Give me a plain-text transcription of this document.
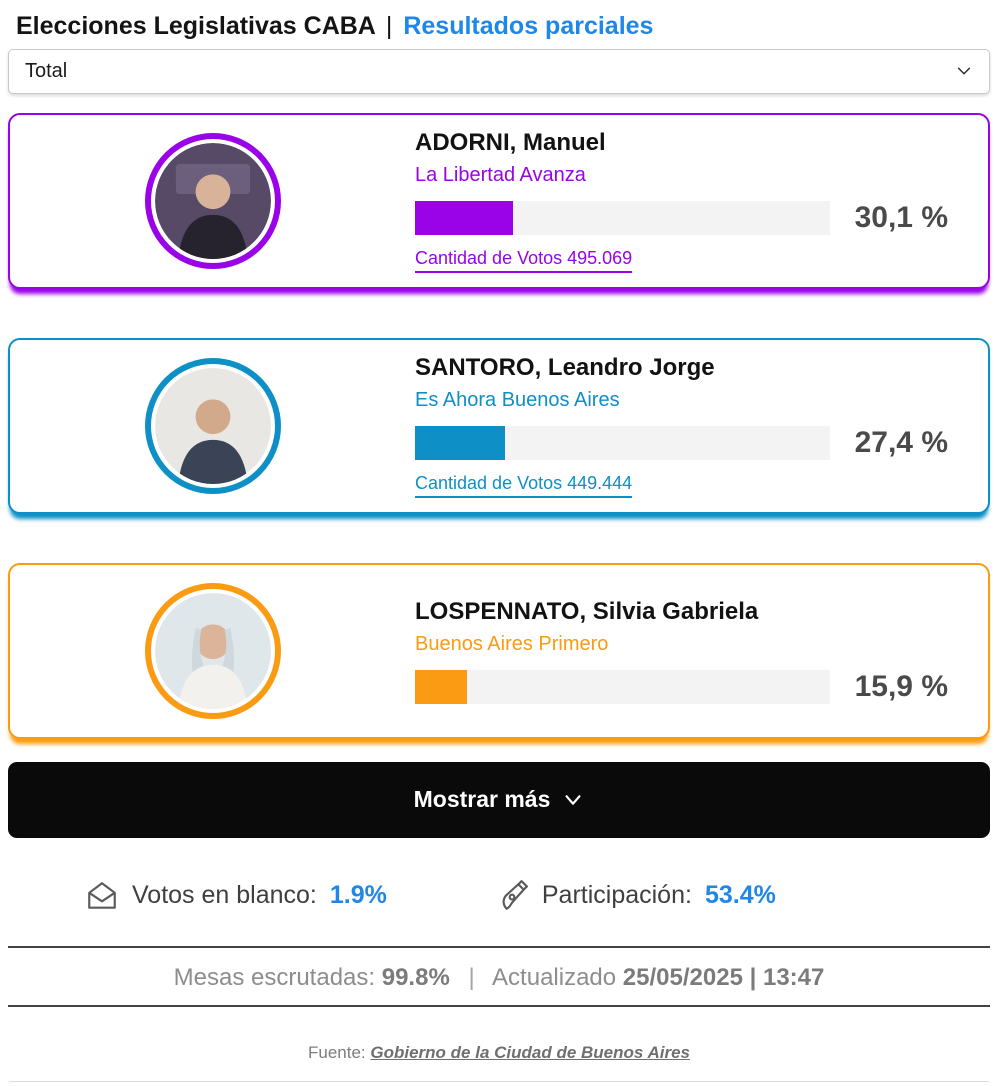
Elecciones Legislativas CABA | Resultados parciales
Total
ADORNI, Manuel
La Libertad Avanza
30,1 %
Cantidad de Votos 495.069
SANTORO, Leandro Jorge
Es Ahora Buenos Aires
27,4 %
Cantidad de Votos 449.444
LOSPENNATO, Silvia Gabriela
Buenos Aires Primero
15,9 %
Mostrar más
Votos en blanco: 1.9%	Participación: 53.4%
Mesas escrutadas: 99.8% | Actualizado 25/05/2025 | 13:47
Fuente: Gobierno de la Ciudad de Buenos Aires
